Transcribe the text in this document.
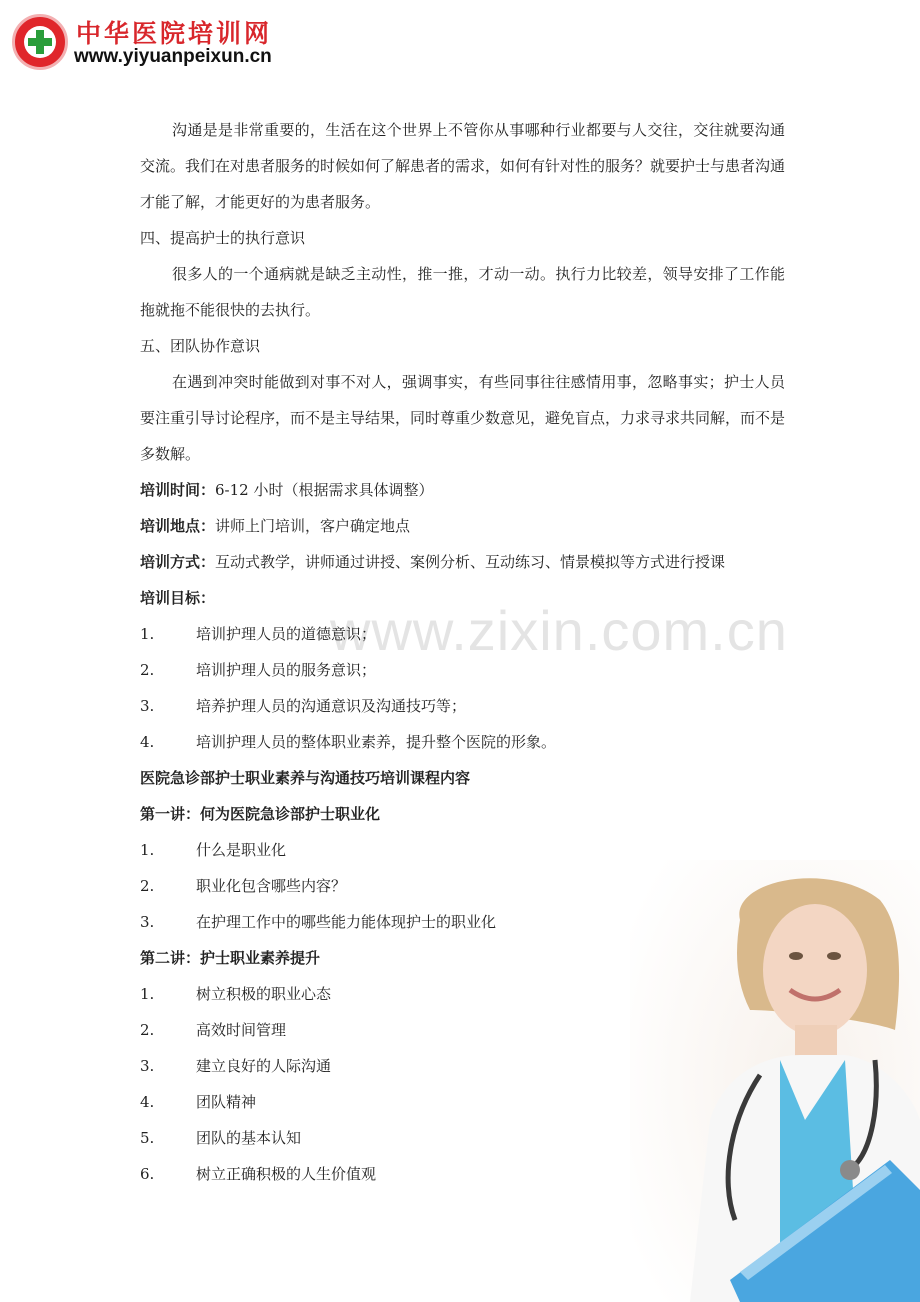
中华医院培训网
www.yiyuanpeixun.cn
www.zixin.com.cn

沟通是是非常重要的，生活在这个世界上不管你从事哪种行业都要与人交往，交往就要沟通交流。我们在对患者服务的时候如何了解患者的需求，如何有针对性的服务？就要护士与患者沟通才能了解，才能更好的为患者服务。

四、提高护士的执行意识

很多人的一个通病就是缺乏主动性，推一推，才动一动。执行力比较差，领导安排了工作能拖就拖不能很快的去执行。

五、团队协作意识

在遇到冲突时能做到对事不对人，强调事实，有些同事往往感情用事，忽略事实；护士人员要注重引导讨论程序，而不是主导结果，同时尊重少数意见，避免盲点，力求寻求共同解，而不是多数解。

培训时间：6-12 小时（根据需求具体调整）

培训地点：讲师上门培训，客户确定地点

培训方式：互动式教学，讲师通过讲授、案例分析、互动练习、情景模拟等方式进行授课

培训目标：

1.	培训护理人员的道德意识；
2.	培训护理人员的服务意识；
3.	培养护理人员的沟通意识及沟通技巧等；
4.	培训护理人员的整体职业素养，提升整个医院的形象。

医院急诊部护士职业素养与沟通技巧培训课程内容

第一讲：何为医院急诊部护士职业化

1.	什么是职业化
2.	职业化包含哪些内容？
3.	在护理工作中的哪些能力能体现护士的职业化

第二讲：护士职业素养提升

1.	树立积极的职业心态
2.	高效时间管理
3.	建立良好的人际沟通
4.	团队精神
5.	团队的基本认知
6.	树立正确积极的人生价值观
